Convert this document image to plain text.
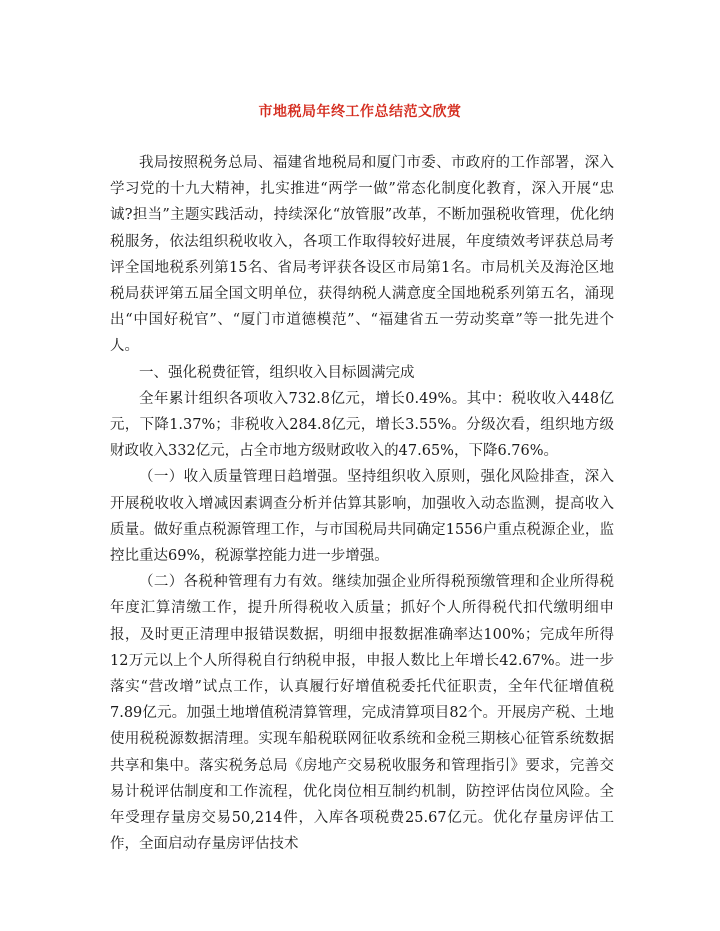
市地税局年终工作总结范文欣赏

我局按照税务总局、福建省地税局和厦门市委、市政府的工作部署，深入学习党的十九大精神，扎实推进“两学一做”常态化制度化教育，深入开展“忠诚?担当”主题实践活动，持续深化“放管服”改革，不断加强税收管理，优化纳税服务，依法组织税收收入，各项工作取得较好进展，年度绩效考评获总局考评全国地税系列第15名、省局考评获各设区市局第1名。市局机关及海沧区地税局获评第五届全国文明单位，获得纳税人满意度全国地税系列第五名，涌现出“中国好税官”、“厦门市道德模范”、“福建省五一劳动奖章”等一批先进个人。

一、强化税费征管，组织收入目标圆满完成

全年累计组织各项收入732.8亿元，增长0.49%。其中：税收收入448亿元，下降1.37%；非税收入284.8亿元，增长3.55%。分级次看，组织地方级财政收入332亿元，占全市地方级财政收入的47.65%，下降6.76%。

（一）收入质量管理日趋增强。坚持组织收入原则，强化风险排查，深入开展税收收入增减因素调查分析并估算其影响，加强收入动态监测，提高收入质量。做好重点税源管理工作，与市国税局共同确定1556户重点税源企业，监控比重达69%，税源掌控能力进一步增强。

（二）各税种管理有力有效。继续加强企业所得税预缴管理和企业所得税年度汇算清缴工作，提升所得税收入质量；抓好个人所得税代扣代缴明细申报，及时更正清理申报错误数据，明细申报数据准确率达100%；完成年所得12万元以上个人所得税自行纳税申报，申报人数比上年增长42.67%。进一步落实“营改增”试点工作，认真履行好增值税委托代征职责，全年代征增值税7.89亿元。加强土地增值税清算管理，完成清算项目82个。开展房产税、土地使用税税源数据清理。实现车船税联网征收系统和金税三期核心征管系统数据共享和集中。落实税务总局《房地产交易税收服务和管理指引》要求，完善交易计税评估制度和工作流程，优化岗位相互制约机制，防控评估岗位风险。全年受理存量房交易50,214件，入库各项税费25.67亿元。优化存量房评估工作，全面启动存量房评估技术
